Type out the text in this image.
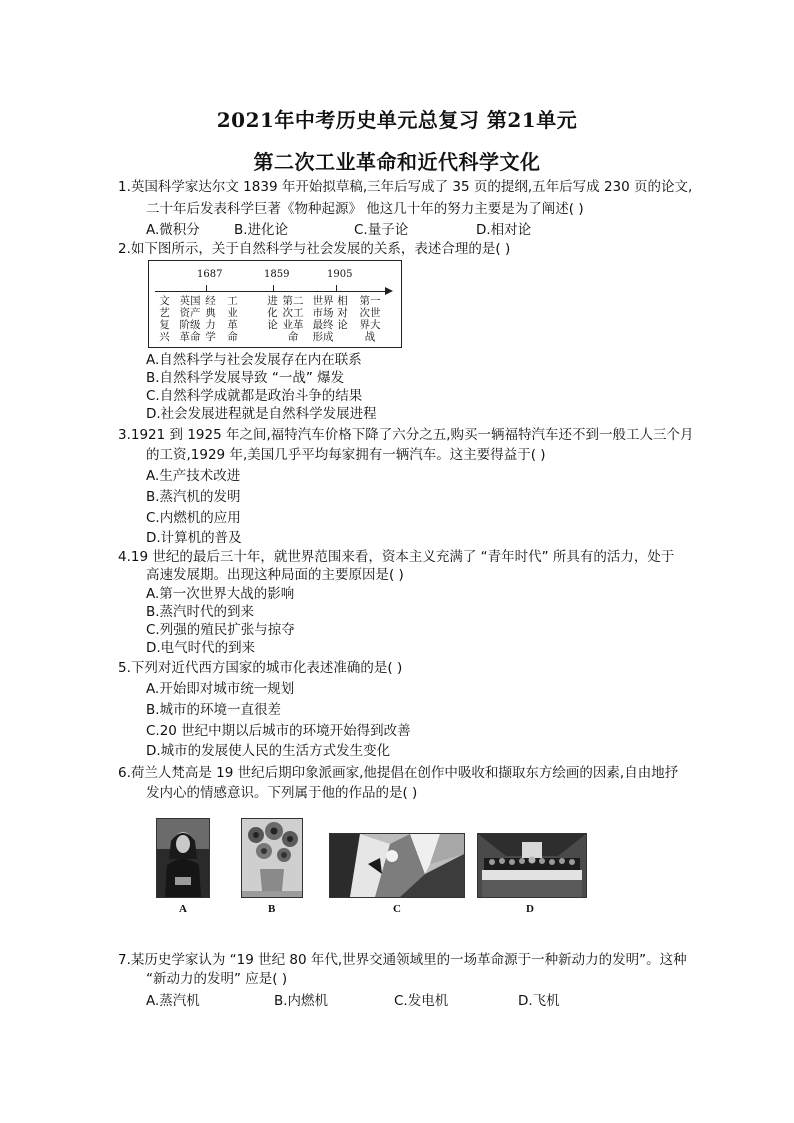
2021年中考历史单元总复习 第21单元
第二次工业革命和近代科学文化
1.英国科学家达尔文 1839 年开始拟草稿,三年后写成了 35 页的提纲,五年后写成 230 页的论文,
二十年后发表科学巨著《物种起源》 他这几十年的努力主要是为了阐述( )
A.微积分	B.进化论	C.量子论	D.相对论
2.如下图所示，关于自然科学与社会发展的关系，表述合理的是( )
1687	1859	1905
文艺复兴
英国资产阶级革命
经典力学
工业革命
进化论
第二次工业革命
世界市场最终形成
相对论
第一次世界大战
A.自然科学与社会发展存在内在联系
B.自然科学发展导致 “一战” 爆发
C.自然科学成就都是政治斗争的结果
D.社会发展进程就是自然科学发展进程
3.1921 到 1925 年之间,福特汽车价格下降了六分之五,购买一辆福特汽车还不到一般工人三个月
的工资,1929 年,美国几乎平均每家拥有一辆汽车。这主要得益于( )
A.生产技术改进
B.蒸汽机的发明
C.内燃机的应用
D.计算机的普及
4.19 世纪的最后三十年，就世界范围来看，资本主义充满了 “青年时代” 所具有的活力，处于
高速发展期。出现这种局面的主要原因是( )
A.第一次世界大战的影响
B.蒸汽时代的到来
C.列强的殖民扩张与掠夺
D.电气时代的到来
5.下列对近代西方国家的城市化表述准确的是( )
A.开始即对城市统一规划
B.城市的环境一直很差
C.20 世纪中期以后城市的环境开始得到改善
D.城市的发展使人民的生活方式发生变化
6.荷兰人梵高是 19 世纪后期印象派画家,他提倡在创作中吸收和撷取东方绘画的因素,自由地抒
发内心的情感意识。下列属于他的作品的是( )
A	B	C	D
7.某历史学家认为 “19 世纪 80 年代,世界交通领域里的一场革命源于一种新动力的发明”。这种
“新动力的发明” 应是( )
A.蒸汽机	B.内燃机	C.发电机	D.飞机
